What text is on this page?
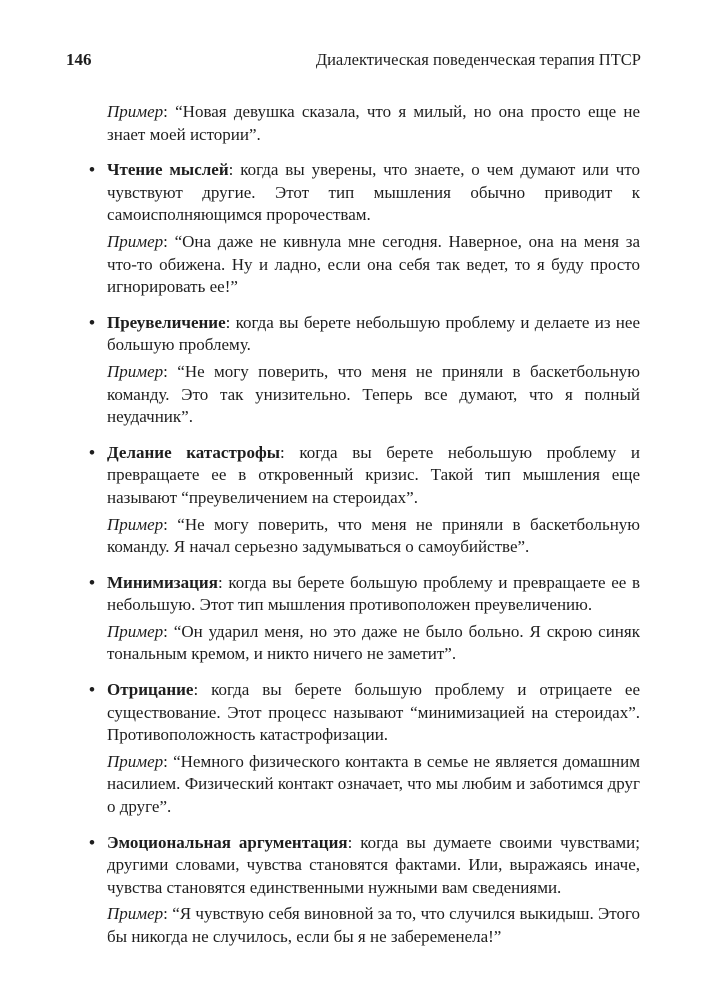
146	Диалектическая поведенческая терапия ПТСР

Пример: “Новая девушка сказала, что я милый, но она просто еще не знает моей истории”.

• Чтение мыслей: когда вы уверены, что знаете, о чем думают или что чувствуют другие. Этот тип мышления обычно приводит к самоисполняющимся пророчествам.

Пример: “Она даже не кивнула мне сегодня. Наверное, она на меня за что-то обижена. Ну и ладно, если она себя так ведет, то я буду просто игнорировать ее!”

• Преувеличение: когда вы берете небольшую проблему и делаете из нее большую проблему.

Пример: “Не могу поверить, что меня не приняли в баскетбольную команду. Это так унизительно. Теперь все думают, что я полный неудачник”.

• Делание катастрофы: когда вы берете небольшую проблему и превращаете ее в откровенный кризис. Такой тип мышления еще называют “преувеличением на стероидах”.

Пример: “Не могу поверить, что меня не приняли в баскетбольную команду. Я начал серьезно задумываться о самоубийстве”.

• Минимизация: когда вы берете большую проблему и превращаете ее в небольшую. Этот тип мышления противоположен преувеличению.

Пример: “Он ударил меня, но это даже не было больно. Я скрою синяк тональным кремом, и никто ничего не заметит”.

• Отрицание: когда вы берете большую проблему и отрицаете ее существование. Этот процесс называют “минимизацией на стероидах”. Противоположность катастрофизации.

Пример: “Немного физического контакта в семье не является домашним насилием. Физический контакт означает, что мы любим и заботимся друг о друге”.

• Эмоциональная аргументация: когда вы думаете своими чувствами; другими словами, чувства становятся фактами. Или, выражаясь иначе, чувства становятся единственными нужными вам сведениями.

Пример: “Я чувствую себя виновной за то, что случился выкидыш. Этого бы никогда не случилось, если бы я не забеременела!”
